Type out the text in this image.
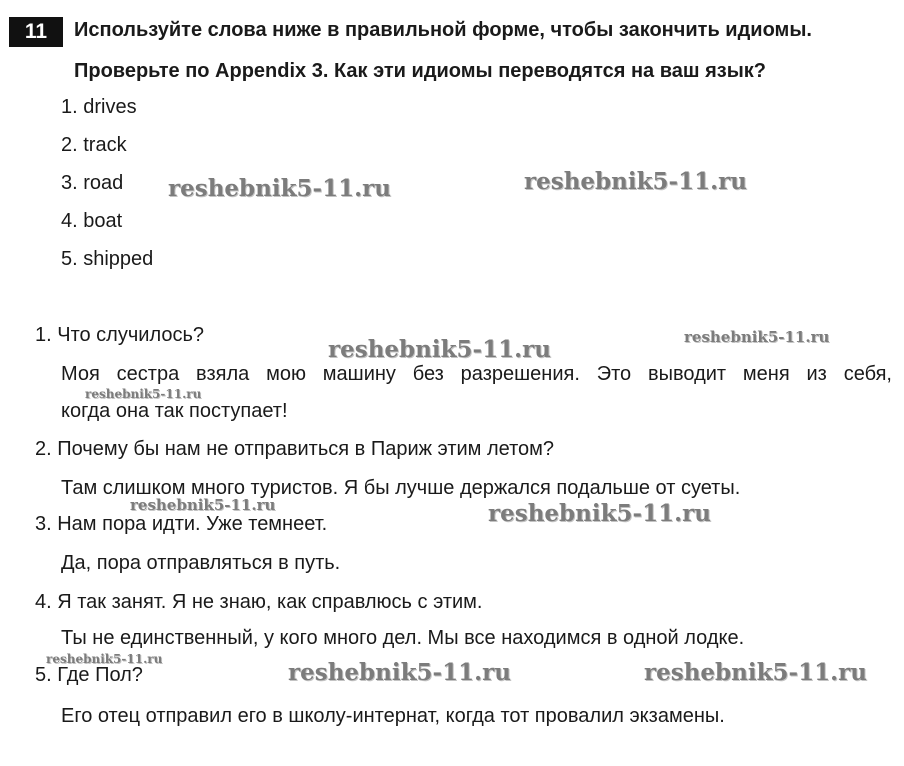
11	Используйте слова ниже в правильной форме, чтобы закончить идиомы.
Проверьте по Appendix 3. Как эти идиомы переводятся на ваш язык?
1. drives
2. track
3. road
4. boat
5. shipped
1. Что случилось?
Моя сестра взяла мою машину без разрешения. Это выводит меня из себя,
когда она так поступает!
2. Почему бы нам не отправиться в Париж этим летом?
Там слишком много туристов. Я бы лучше держался подальше от суеты.
3. Нам пора идти. Уже темнеет.
Да, пора отправляться в путь.
4. Я так занят. Я не знаю, как справлюсь с этим.
Ты не единственный, у кого много дел. Мы все находимся в одной лодке.
5. Где Пол?
Его отец отправил его в школу-интернат, когда тот провалил экзамены.
reshebnik5-11.ru	reshebnik5-11.ru
reshebnik5-11.ru	reshebnik5-11.ru
reshebnik5-11.ru
reshebnik5-11.ru	reshebnik5-11.ru
reshebnik5-11.ru	reshebnik5-11.ru	reshebnik5-11.ru
